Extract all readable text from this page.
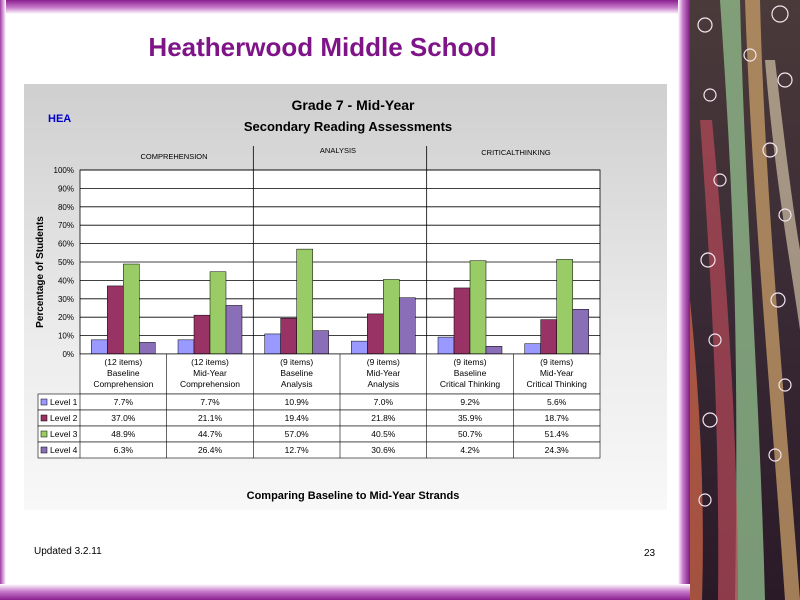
Heatherwood Middle School
HEA
Grade 7 - Mid-Year
Secondary Reading Assessments
COMPREHENSION
ANALYSIS	CRITICALTHINKING
Percentage of Students
Comparing Baseline to Mid-Year Strands
0%
10%
20%
30%
40%
50%
60%
70%
80%
90%
100%
(12 items)
Baseline
Comprehension
(12 items)
Mid-Year
Comprehension
(9 items)
Baseline
Analysis
(9 items)
Mid-Year
Analysis
(9 items)
Baseline
Critical Thinking
(9 items)
Mid-Year
Critical Thinking
Level 1	7.7%	7.7%	10.9%	7.0%	9.2%	5.6%
Level 2	37.0%	21.1%	19.4%	21.8%	35.9%	18.7%
Level 3	48.9%	44.7%	57.0%	40.5%	50.7%	51.4%
Level 4	6.3%	26.4%	12.7%	30.6%	4.2%	24.3%
Updated 3.2.11	23
